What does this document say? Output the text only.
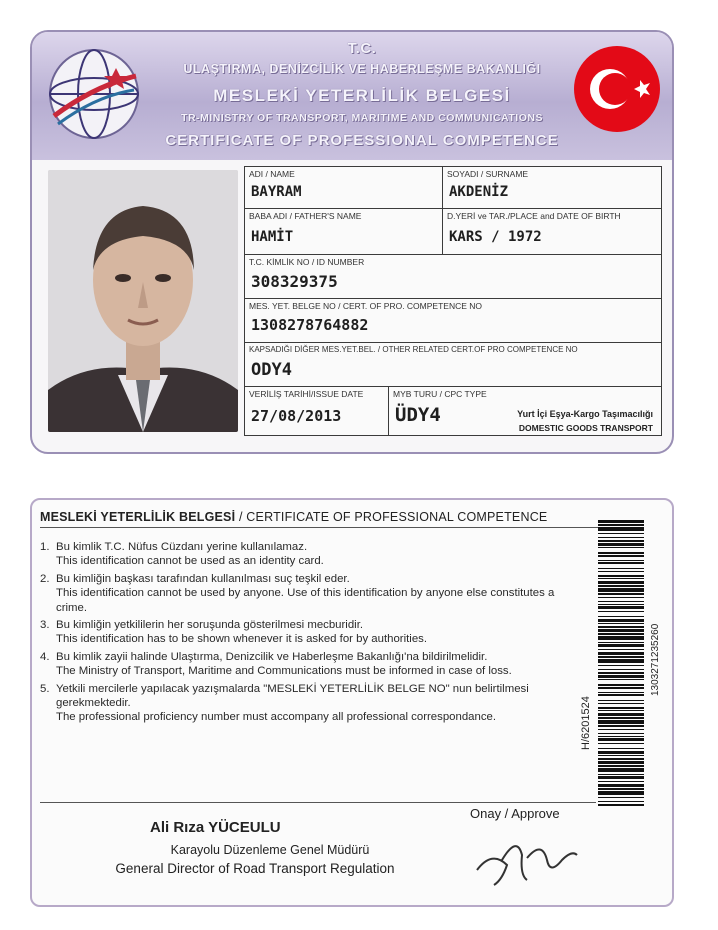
T.C.
ULAŞTIRMA, DENİZCİLİK VE HABERLEŞME BAKANLIĞI
MESLEKİ YETERLİLİK BELGESİ
TR-MINISTRY OF TRANSPORT, MARITIME AND COMMUNICATIONS
CERTIFICATE OF PROFESSIONAL COMPETENCE
ADI / NAME
BAYRAM
SOYADI / SURNAME
AKDENİZ
BABA ADI / FATHER'S NAME
HAMİT
D.YERİ ve TAR./PLACE and DATE OF BIRTH
KARS / 1972
T.C. KİMLİK NO / ID NUMBER
308329375
MES. YET. BELGE NO / CERT. OF PRO. COMPETENCE NO
1308278764882
KAPSADIĞI DİĞER MES.YET.BEL. / OTHER RELATED CERT.OF PRO COMPETENCE NO
ODY4
VERİLİŞ TARİHİ/ISSUE DATE
27/08/2013
MYB TURU / CPC TYPE
ÜDY4	Yurt İçi Eşya-Kargo Taşımacılığı
DOMESTIC GOODS TRANSPORT
MESLEKİ YETERLİLİK BELGESİ / CERTIFICATE OF PROFESSIONAL COMPETENCE
1. Bu kimlik T.C. Nüfus Cüzdanı yerine kullanılamaz.
This identification cannot be used as an identity card.
2. Bu kimliğin başkası tarafından kullanılması suç teşkil eder.
This identification cannot be used by anyone. Use of this identification by anyone else constitutes a crime.
3. Bu kimliğin yetkililerin her soruşunda gösterilmesi mecburidir.
This identification has to be shown whenever it is asked for by authorities.
4. Bu kimlik zayii halinde Ulaştırma, Denizcilik ve Haberleşme Bakanlığı'na bildirilmelidir.
The Ministry of Transport, Maritime and Communications must be informed in case of loss.
5. Yetkili mercilerle yapılacak yazışmalarda "MESLEKİ YETERLİLİK BELGE NO" nun belirtilmesi gerekmektedir.
The professional proficiency number must accompany all professional correspondance.
Ali Rıza YÜCEULU
Karayolu Düzenleme Genel Müdürü
General Director of Road Transport Regulation
Onay / Approve
H/6201524
1303271235260
